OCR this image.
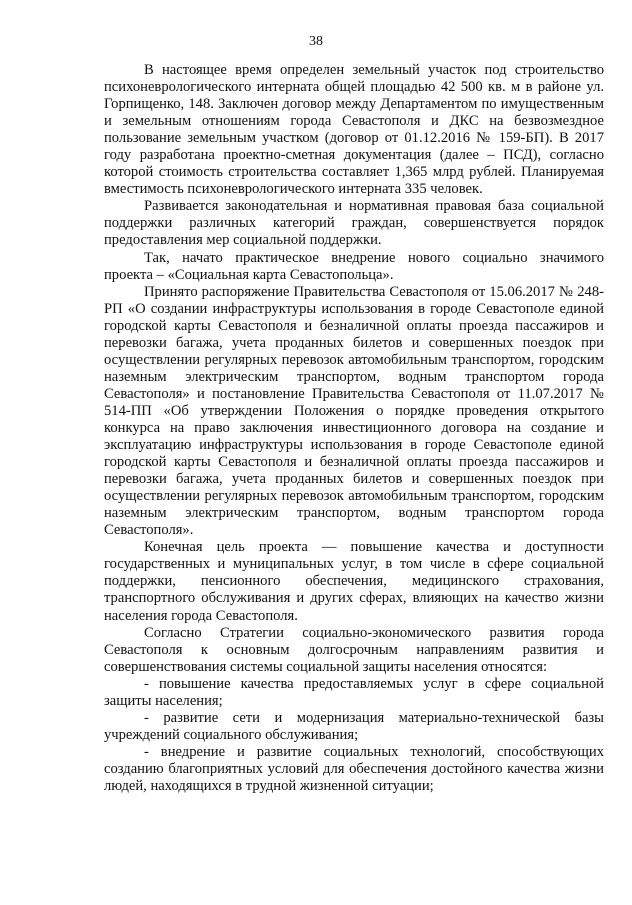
38

В настоящее время определен земельный участок под строительство психоневрологического интерната общей площадью 42 500 кв. м в районе ул. Горпищенко, 148. Заключен договор между Департаментом по имущественным и земельным отношениям города Севастополя и ДКС на безвозмездное пользование земельным участком (договор от 01.12.2016 № 159-БП). В 2017 году разработана проектно-сметная документация (далее – ПСД), согласно которой стоимость строительства составляет 1,365 млрд рублей. Планируемая вместимость психоневрологического интерната 335 человек.

Развивается законодательная и нормативная правовая база социальной поддержки различных категорий граждан, совершенствуется порядок предоставления мер социальной поддержки.

Так, начато практическое внедрение нового социально значимого проекта – «Социальная карта Севастопольца».

Принято распоряжение Правительства Севастополя от 15.06.2017 № 248-РП «О создании инфраструктуры использования в городе Севастополе единой городской карты Севастополя и безналичной оплаты проезда пассажиров и перевозки багажа, учета проданных билетов и совершенных поездок при осуществлении регулярных перевозок автомобильным транспортом, городским наземным электрическим транспортом, водным транспортом города Севастополя» и постановление Правительства Севастополя от 11.07.2017 № 514-ПП «Об утверждении Положения о порядке проведения открытого конкурса на право заключения инвестиционного договора на создание и эксплуатацию инфраструктуры использования в городе Севастополе единой городской карты Севастополя и безналичной оплаты проезда пассажиров и перевозки багажа, учета проданных билетов и совершенных поездок при осуществлении регулярных перевозок автомобильным транспортом, городским наземным электрическим транспортом, водным транспортом города Севастополя».

Конечная цель проекта — повышение качества и доступности государственных и муниципальных услуг, в том числе в сфере социальной поддержки, пенсионного обеспечения, медицинского страхования, транспортного обслуживания и других сферах, влияющих на качество жизни населения города Севастополя.

Согласно Стратегии социально-экономического развития города Севастополя к основным долгосрочным направлениям развития и совершенствования системы социальной защиты населения относятся:

- повышение качества предоставляемых услуг в сфере социальной защиты населения;

- развитие сети и модернизация материально-технической базы учреждений социального обслуживания;

- внедрение и развитие социальных технологий, способствующих созданию благоприятных условий для обеспечения достойного качества жизни людей, находящихся в трудной жизненной ситуации;
